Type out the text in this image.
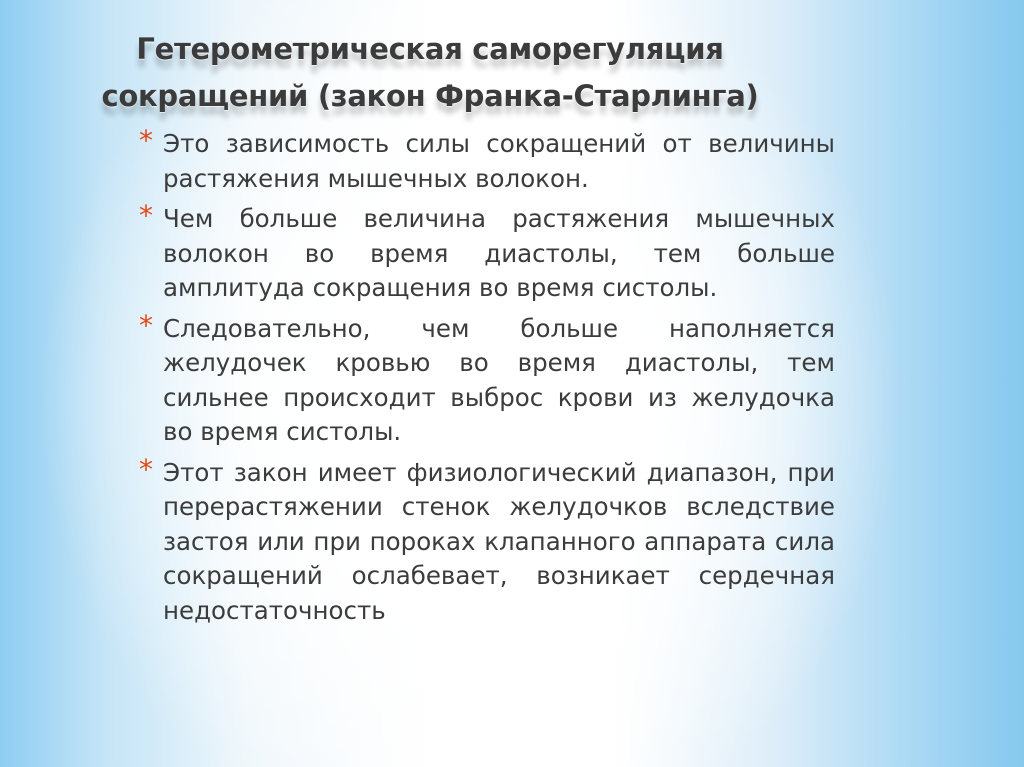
Гетерометрическая саморегуляция
сокращений (закон Франка-Старлинга)
* Это зависимость силы сокращений от величины растяжения мышечных волокон.
* Чем больше величина растяжения мышечных волокон во время диастолы, тем больше амплитуда сокращения во время систолы.
* Следовательно, чем больше наполняется желудочек кровью во время диастолы, тем сильнее происходит выброс крови из желудочка во время систолы.
* Этот закон имеет физиологический диапазон, при перерастяжении стенок желудочков вследствие застоя или при пороках клапанного аппарата сила сокращений ослабевает, возникает сердечная недостаточность
